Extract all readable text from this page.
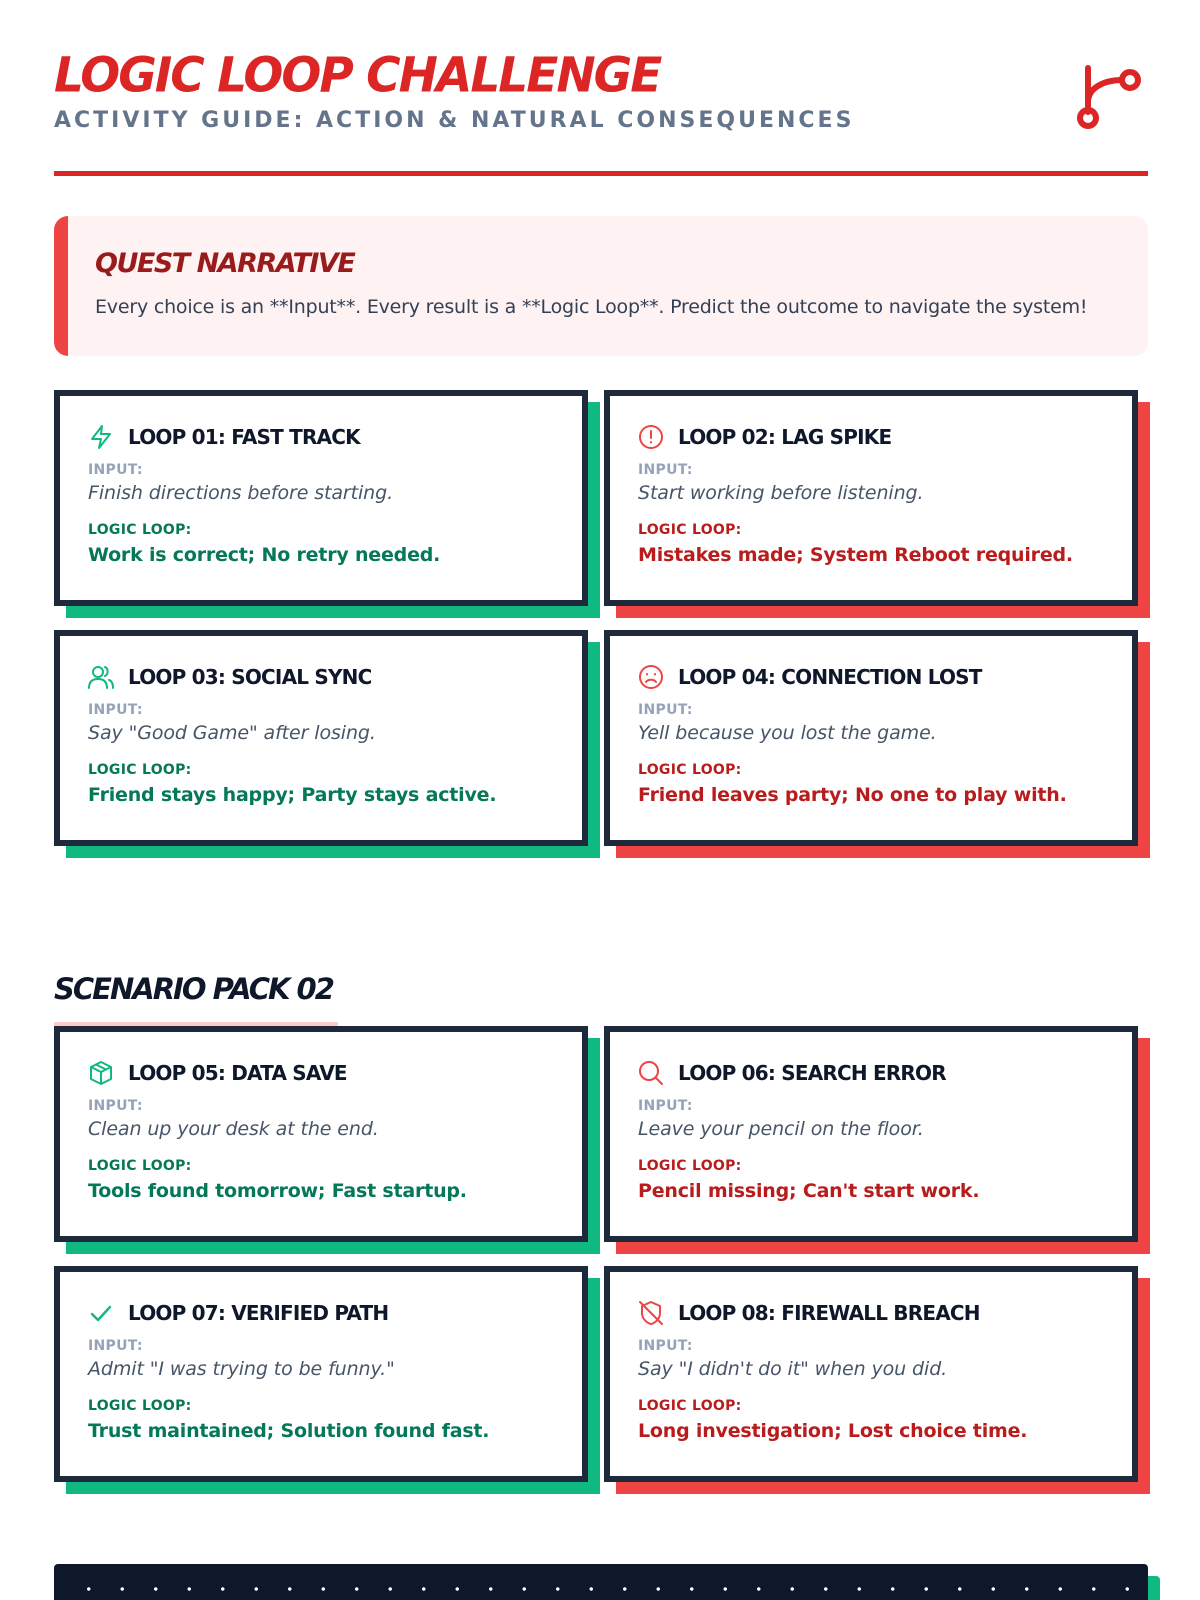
LOGIC LOOP CHALLENGE
ACTIVITY GUIDE: ACTION & NATURAL CONSEQUENCES
QUEST NARRATIVE

Every choice is an **Input**. Every result is a **Logic Loop**. Predict the outcome to navigate the system!

LOOP 01: FAST TRACK
INPUT:
Finish directions before starting.
LOGIC LOOP:
Work is correct; No retry needed.
LOOP 02: LAG SPIKE
INPUT:
Start working before listening.
LOGIC LOOP:
Mistakes made; System Reboot required.
LOOP 03: SOCIAL SYNC
INPUT:
Say "Good Game" after losing.
LOGIC LOOP:
Friend stays happy; Party stays active.
LOOP 04: CONNECTION LOST
INPUT:
Yell because you lost the game.
LOGIC LOOP:
Friend leaves party; No one to play with.
SCENARIO PACK 02
LOOP 05: DATA SAVE
INPUT:
Clean up your desk at the end.
LOGIC LOOP:
Tools found tomorrow; Fast startup.
LOOP 06: SEARCH ERROR
INPUT:
Leave your pencil on the floor.
LOGIC LOOP:
Pencil missing; Can't start work.
LOOP 07: VERIFIED PATH
INPUT:
Admit "I was trying to be funny."
LOGIC LOOP:
Trust maintained; Solution found fast.
LOOP 08: FIREWALL BREACH
INPUT:
Say "I didn't do it" when you did.
LOGIC LOOP:
Long investigation; Lost choice time.
